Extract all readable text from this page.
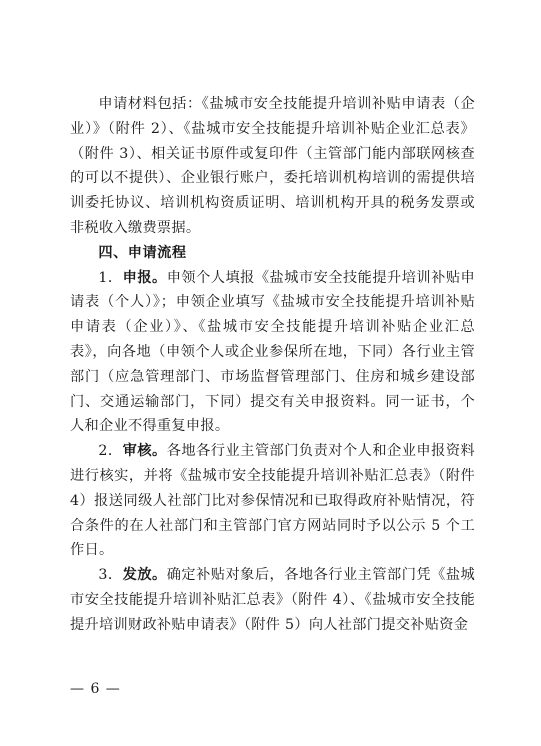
申请材料包括：《盐城市安全技能提升培训补贴申请表（企业）》（附件 2）、《盐城市安全技能提升培训补贴企业汇总表》（附件 3）、相关证书原件或复印件（主管部门能内部联网核查的可以不提供）、企业银行账户，委托培训机构培训的需提供培训委托协议、培训机构资质证明、培训机构开具的税务发票或非税收入缴费票据。

四、申请流程

1．申报。申领个人填报《盐城市安全技能提升培训补贴申请表（个人）》；申领企业填写《盐城市安全技能提升培训补贴申请表（企业）》、《盐城市安全技能提升培训补贴企业汇总表》，向各地（申领个人或企业参保所在地，下同）各行业主管部门（应急管理部门、市场监督管理部门、住房和城乡建设部门、交通运输部门，下同）提交有关申报资料。同一证书，个人和企业不得重复申报。

2．审核。各地各行业主管部门负责对个人和企业申报资料进行核实，并将《盐城市安全技能提升培训补贴汇总表》（附件 4）报送同级人社部门比对参保情况和已取得政府补贴情况，符合条件的在人社部门和主管部门官方网站同时予以公示 5 个工作日。

3．发放。确定补贴对象后，各地各行业主管部门凭《盐城市安全技能提升培训补贴汇总表》（附件 4）、《盐城市安全技能提升培训财政补贴申请表》（附件 5）向人社部门提交补贴资金

— 6 —
